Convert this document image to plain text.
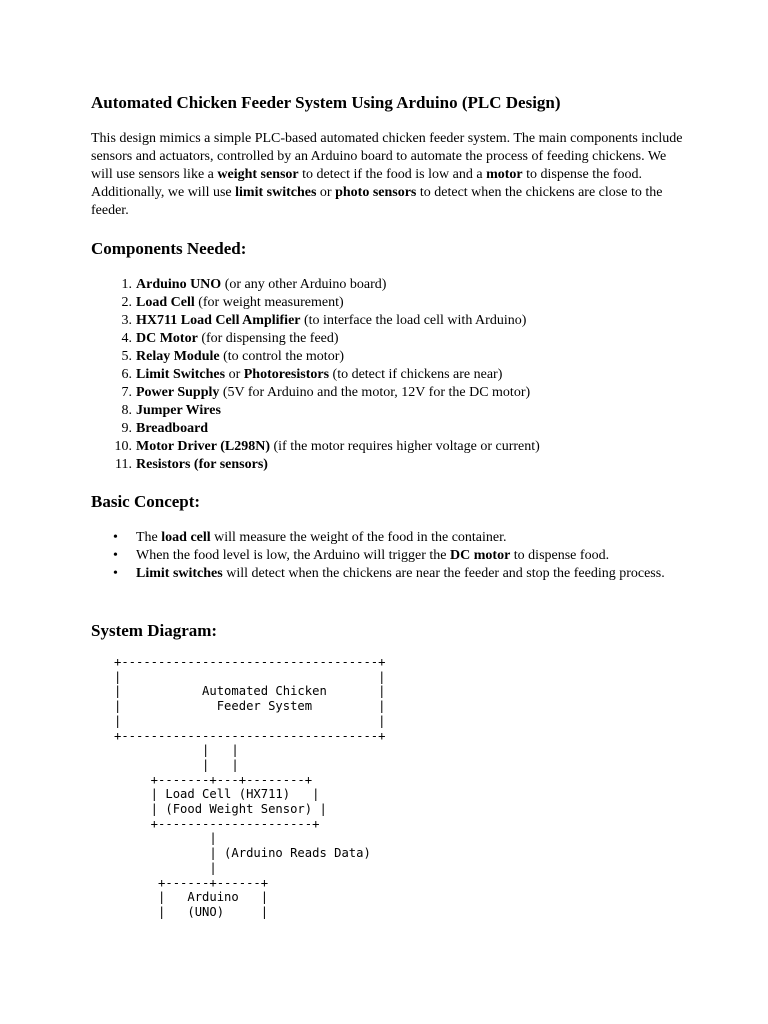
Automated Chicken Feeder System Using Arduino (PLC Design)

This design mimics a simple PLC-based automated chicken feeder system. The main components include sensors and actuators, controlled by an Arduino board to automate the process of feeding chickens. We will use sensors like a weight sensor to detect if the food is low and a motor to dispense the food. Additionally, we will use limit switches or photo sensors to detect when the chickens are close to the feeder.

Components Needed:
1. Arduino UNO (or any other Arduino board)
2. Load Cell (for weight measurement)
3. HX711 Load Cell Amplifier (to interface the load cell with Arduino)
4. DC Motor (for dispensing the feed)
5. Relay Module (to control the motor)
6. Limit Switches or Photoresistors (to detect if chickens are near)
7. Power Supply (5V for Arduino and the motor, 12V for the DC motor)
8. Jumper Wires
9. Breadboard
10. Motor Driver (L298N) (if the motor requires higher voltage or current)
11. Resistors (for sensors)
Basic Concept:
• The load cell will measure the weight of the food in the container.
• When the food level is low, the Arduino will trigger the DC motor to dispense food.
• Limit switches will detect when the chickens are near the feeder and stop the feeding process.
System Diagram:
+-----------------------------------+
|                                   |
|           Automated Chicken       |
|             Feeder System         |
|                                   |
+-----------------------------------+
|   |
|   |
+-------+---+--------+
| Load Cell (HX711)   |
| (Food Weight Sensor) |
+---------------------+
|
| (Arduino Reads Data)
|
+------+------+
|   Arduino   |
|   (UNO)     |
